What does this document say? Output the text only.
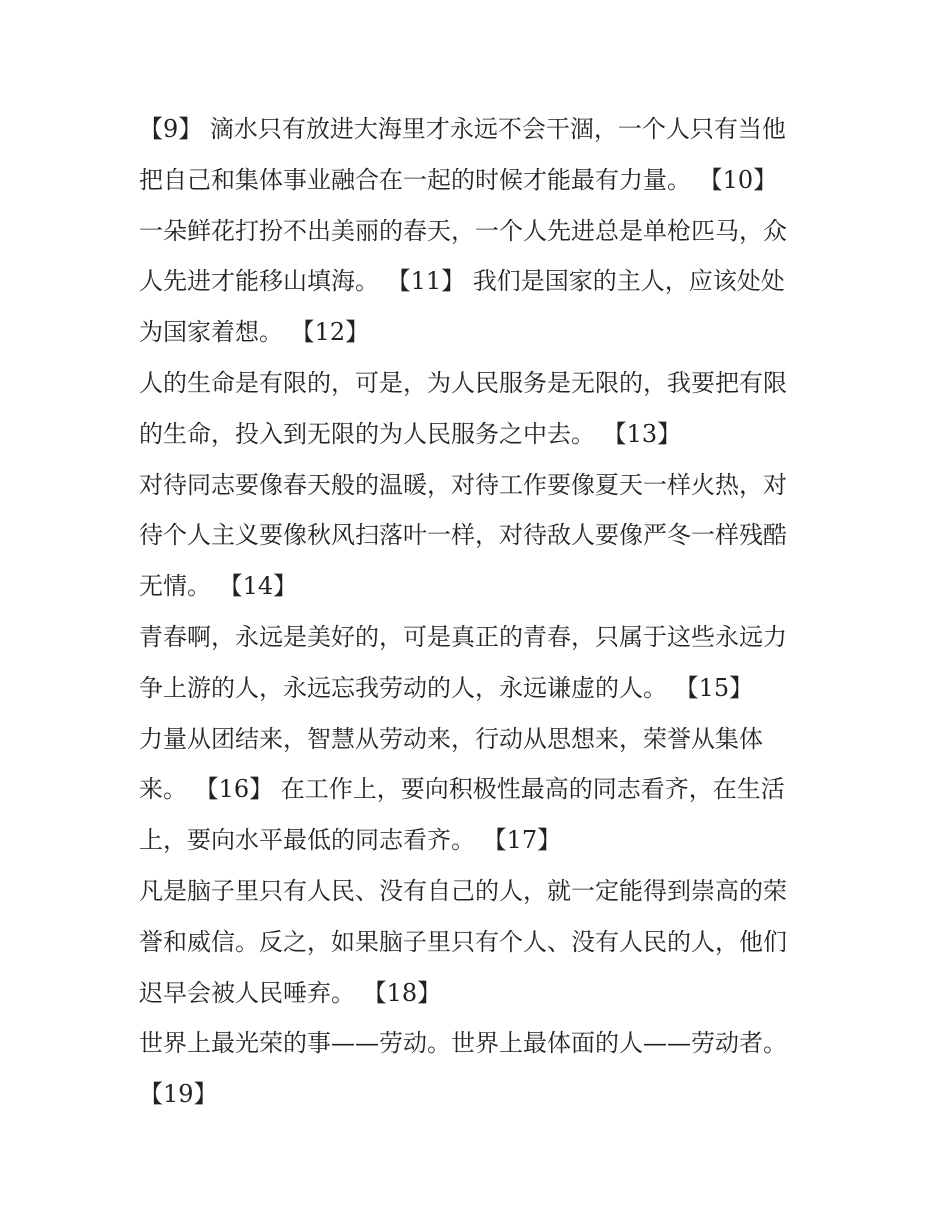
【9】 滴水只有放进大海里才永远不会干涸，一个人只有当他
把自己和集体事业融合在一起的时候才能最有力量。 【10】
一朵鲜花打扮不出美丽的春天，一个人先进总是单枪匹马，众
人先进才能移山填海。 【11】 我们是国家的主人，应该处处
为国家着想。 【12】
人的生命是有限的，可是，为人民服务是无限的，我要把有限
的生命，投入到无限的为人民服务之中去。 【13】
对待同志要像春天般的温暖，对待工作要像夏天一样火热，对
待个人主义要像秋风扫落叶一样，对待敌人要像严冬一样残酷
无情。 【14】
青春啊，永远是美好的，可是真正的青春，只属于这些永远力
争上游的人，永远忘我劳动的人，永远谦虚的人。 【15】
力量从团结来，智慧从劳动来，行动从思想来，荣誉从集体
来。 【16】 在工作上，要向积极性最高的同志看齐，在生活
上，要向水平最低的同志看齐。 【17】
凡是脑子里只有人民、没有自己的人，就一定能得到崇高的荣
誉和威信。反之，如果脑子里只有个人、没有人民的人，他们
迟早会被人民唾弃。 【18】
世界上最光荣的事——劳动。世界上最体面的人——劳动者。
【19】
